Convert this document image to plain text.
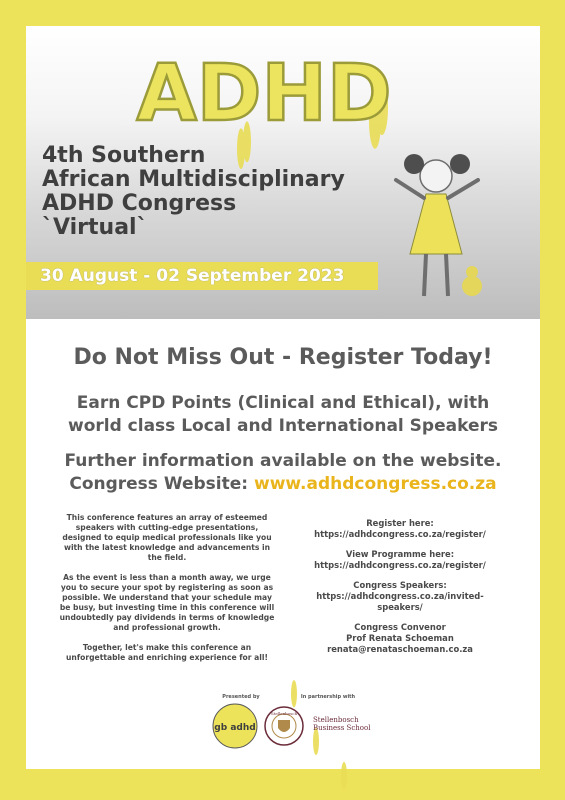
ADHD
4th Southern
African Multidisciplinary
ADHD Congress
`Virtual`
30 August - 02 September 2023
Do Not Miss Out - Register Today!

Earn CPD Points (Clinical and Ethical), with
world class Local and International Speakers

Further information available on the website.
Congress Website: www.adhdcongress.co.za

This conference features an array of esteemed speakers with cutting-edge presentations, designed to equip medical professionals like you with the latest knowledge and advancements in the field.

As the event is less than a month away, we urge you to secure your spot by registering as soon as possible. We understand that your schedule may be busy, but investing time in this conference will undoubtedly pay dividends in terms of knowledge and professional growth.

Together, let's make this conference an unforgettable and enriching experience for all!

Register here:
https://adhdcongress.co.za/register/

View Programme here:
https://adhdcongress.co.za/register/

Congress Speakers:
https://adhdcongress.co.za/invited-speakers/

Congress Convenor
Prof Renata Schoeman
renata@renataschoeman.co.za

Presented by	In partnership with
gb adhd
Stellenbosch
Stellenbosch
Business School
